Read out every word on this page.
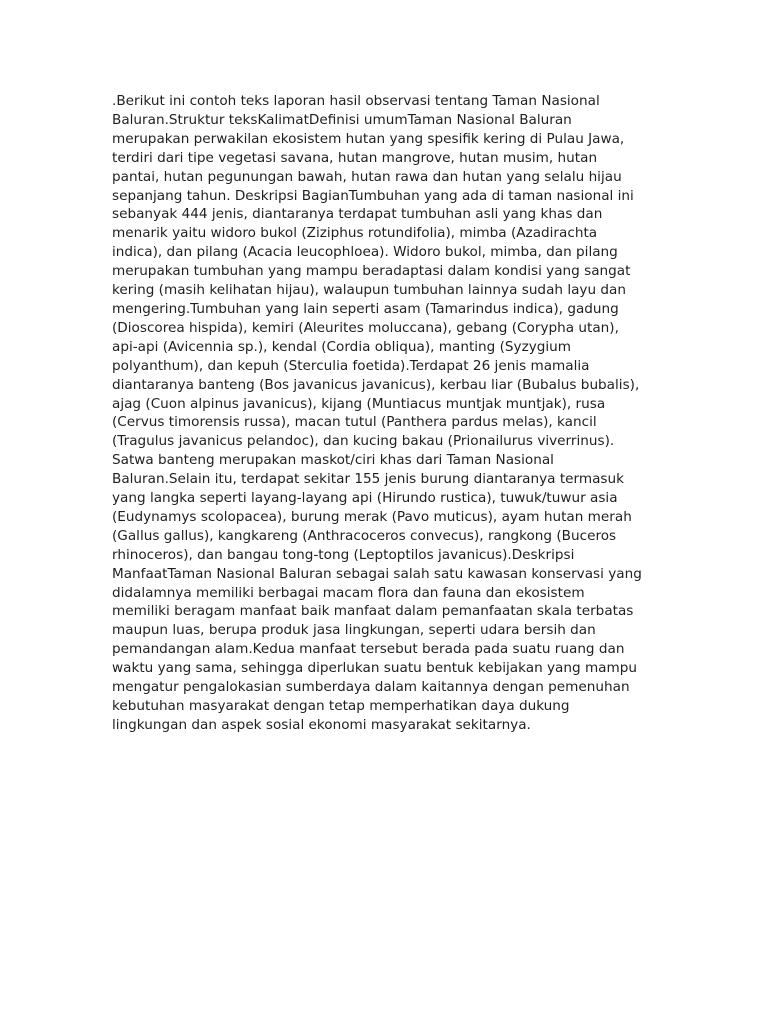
.Berikut ini contoh teks laporan hasil observasi tentang Taman Nasional
Baluran.Struktur teksKalimatDefinisi umumTaman Nasional Baluran
merupakan perwakilan ekosistem hutan yang spesifik kering di Pulau Jawa,
terdiri dari tipe vegetasi savana, hutan mangrove, hutan musim, hutan
pantai, hutan pegunungan bawah, hutan rawa dan hutan yang selalu hijau
sepanjang tahun. Deskripsi BagianTumbuhan yang ada di taman nasional ini
sebanyak 444 jenis, diantaranya terdapat tumbuhan asli yang khas dan
menarik yaitu widoro bukol (Ziziphus rotundifolia), mimba (Azadirachta
indica), dan pilang (Acacia leucophloea). Widoro bukol, mimba, dan pilang
merupakan tumbuhan yang mampu beradaptasi dalam kondisi yang sangat
kering (masih kelihatan hijau), walaupun tumbuhan lainnya sudah layu dan
mengering.Tumbuhan yang lain seperti asam (Tamarindus indica), gadung
(Dioscorea hispida), kemiri (Aleurites moluccana), gebang (Corypha utan),
api-api (Avicennia sp.), kendal (Cordia obliqua), manting (Syzygium
polyanthum), dan kepuh (Sterculia foetida).Terdapat 26 jenis mamalia
diantaranya banteng (Bos javanicus javanicus), kerbau liar (Bubalus bubalis),
ajag (Cuon alpinus javanicus), kijang (Muntiacus muntjak muntjak), rusa
(Cervus timorensis russa), macan tutul (Panthera pardus melas), kancil
(Tragulus javanicus pelandoc), dan kucing bakau (Prionailurus viverrinus).
Satwa banteng merupakan maskot/ciri khas dari Taman Nasional
Baluran.Selain itu, terdapat sekitar 155 jenis burung diantaranya termasuk
yang langka seperti layang-layang api (Hirundo rustica), tuwuk/tuwur asia
(Eudynamys scolopacea), burung merak (Pavo muticus), ayam hutan merah
(Gallus gallus), kangkareng (Anthracoceros convecus), rangkong (Buceros
rhinoceros), dan bangau tong-tong (Leptoptilos javanicus).Deskripsi
ManfaatTaman Nasional Baluran sebagai salah satu kawasan konservasi yang
didalamnya memiliki berbagai macam flora dan fauna dan ekosistem
memiliki beragam manfaat baik manfaat dalam pemanfaatan skala terbatas
maupun luas, berupa produk jasa lingkungan, seperti udara bersih dan
pemandangan alam.Kedua manfaat tersebut berada pada suatu ruang dan
waktu yang sama, sehingga diperlukan suatu bentuk kebijakan yang mampu
mengatur pengalokasian sumberdaya dalam kaitannya dengan pemenuhan
kebutuhan masyarakat dengan tetap memperhatikan daya dukung
lingkungan dan aspek sosial ekonomi masyarakat sekitarnya.
